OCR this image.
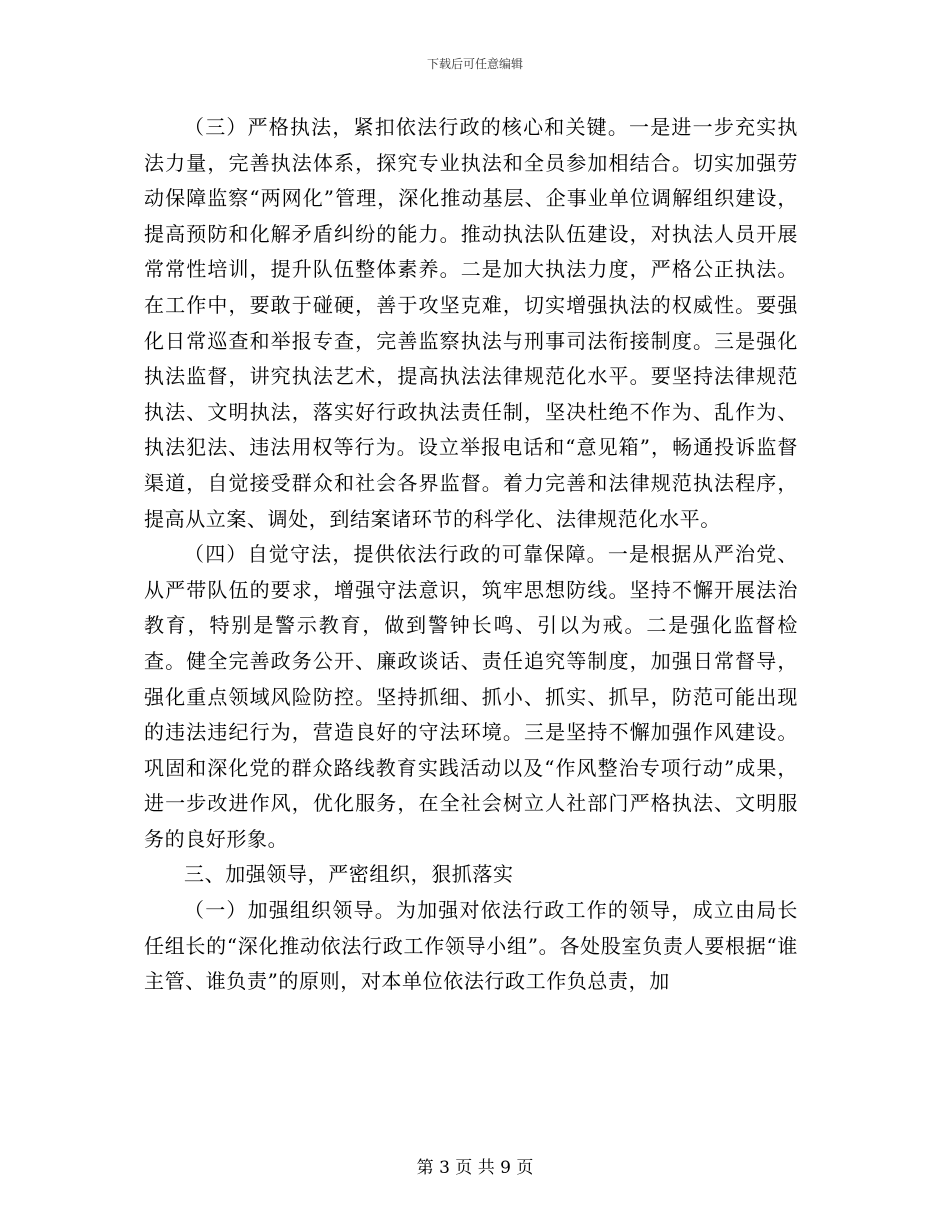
下载后可任意编辑

（三）严格执法，紧扣依法行政的核心和关键。一是进一步充实执法力量，完善执法体系，探究专业执法和全员参加相结合。切实加强劳动保障监察“两网化”管理，深化推动基层、企事业单位调解组织建设，提高预防和化解矛盾纠纷的能力。推动执法队伍建设，对执法人员开展常常性培训，提升队伍整体素养。二是加大执法力度，严格公正执法。在工作中，要敢于碰硬，善于攻坚克难，切实增强执法的权威性。要强化日常巡查和举报专查，完善监察执法与刑事司法衔接制度。三是强化执法监督，讲究执法艺术，提高执法法律规范化水平。要坚持法律规范执法、文明执法，落实好行政执法责任制，坚决杜绝不作为、乱作为、执法犯法、违法用权等行为。设立举报电话和“意见箱”，畅通投诉监督渠道，自觉接受群众和社会各界监督。着力完善和法律规范执法程序，提高从立案、调处，到结案诸环节的科学化、法律规范化水平。

（四）自觉守法，提供依法行政的可靠保障。一是根据从严治党、从严带队伍的要求，增强守法意识，筑牢思想防线。坚持不懈开展法治教育，特别是警示教育，做到警钟长鸣、引以为戒。二是强化监督检查。健全完善政务公开、廉政谈话、责任追究等制度，加强日常督导，强化重点领域风险防控。坚持抓细、抓小、抓实、抓早，防范可能出现的违法违纪行为，营造良好的守法环境。三是坚持不懈加强作风建设。巩固和深化党的群众路线教育实践活动以及“作风整治专项行动”成果，进一步改进作风，优化服务，在全社会树立人社部门严格执法、文明服务的良好形象。

三、加强领导，严密组织，狠抓落实

（一）加强组织领导。为加强对依法行政工作的领导，成立由局长任组长的“深化推动依法行政工作领导小组”。各处股室负责人要根据“谁主管、谁负责”的原则，对本单位依法行政工作负总责，加

第 3 页 共 9 页
